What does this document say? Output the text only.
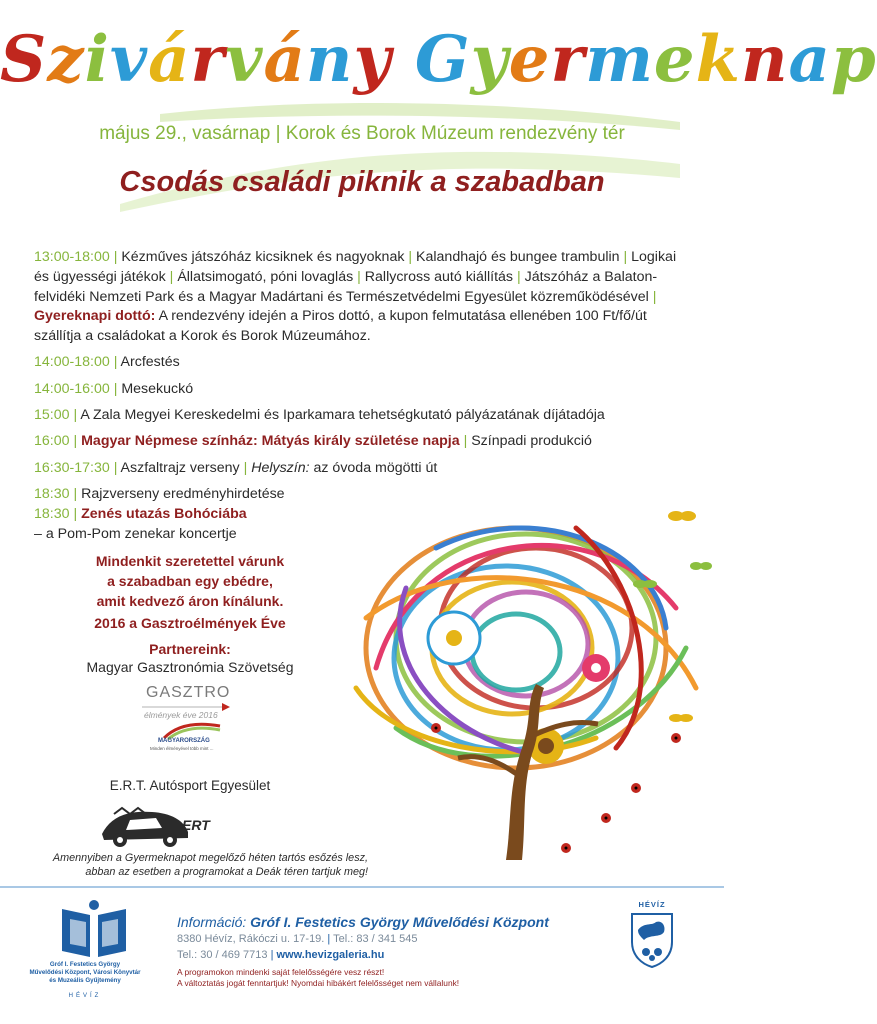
Szivárvány Gyermeknap
május 29., vasárnap | Korok és Borok Múzeum rendezvény tér
Csodás családi piknik a szabadban
13:00-18:00 | Kézműves játszóház kicsiknek és nagyoknak | Kalandhajó és bungee trambulin | Logikai és ügyességi játékok | Állatsimogató, póni lovaglás | Rallycross autó kiállítás | Játszóház a Balaton-felvidéki Nemzeti Park és a Magyar Madártani és Természetvédelmi Egyesület közreműködésével | Gyereknapi dottó: A rendezvény idején a Piros dottó, a kupon felmutatása ellenében 100 Ft/fő/út szállítja a családokat a Korok és Borok Múzeumához.
14:00-18:00 | Arcfestés
14:00-16:00 | Mesekuckó
15:00 | A Zala Megyei Kereskedelmi és Iparkamara tehetségkutató pályázatának díjátadója
16:00 | Magyar Népmese színház: Mátyás király születése napja | Színpadi produkció
16:30-17:30 | Aszfaltrajz verseny | Helyszín: az óvoda mögötti út
18:30 | Rajzverseny eredményhirdetése
18:30 | Zenés utazás Bohóciába
– a Pom-Pom zenekar koncertje
Mindenkit szeretettel várunk
a szabadban egy ebédre,
amit kedvező áron kínálunk.
2016 a Gasztroélmények Éve
Partnereink:
Magyar Gasztronómia Szövetség
GASZTRO
élmények éve 2016
MAGYARORSZÁG
Minden élményével több mint ...
E.R.T. Autósport Egyesület
ERT
Amennyiben a Gyermeknapot megelőző héten tartós esőzés lesz,
abban az esetben a programokat a Deák téren tartjuk meg!
Gróf I. Festetics György
Művelődési Központ, Városi Könyvtár
és Muzeális Gyűjtemény
HÉVÍZ
Információ: Gróf I. Festetics György Művelődési Központ
8380 Hévíz, Rákóczi u. 17-19. | Tel.: 83 / 341 545
Tel.: 30 / 469 7713 | www.hevizgaleria.hu
A programokon mindenki saját felelősségére vesz részt!
A változtatás jogát fenntartjuk! Nyomdai hibákért felelősséget nem vállalunk!
HÉVÍZ
